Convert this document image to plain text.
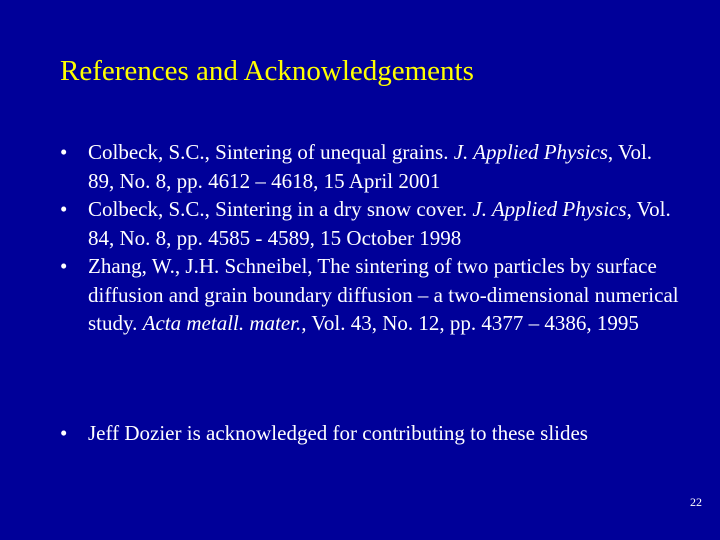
References and Acknowledgements
• Colbeck, S.C., Sintering of unequal grains. J. Applied Physics, Vol. 89, No. 8, pp. 4612 – 4618, 15 April 2001
• Colbeck, S.C., Sintering in a dry snow cover. J. Applied Physics, Vol. 84, No. 8, pp. 4585 - 4589, 15 October 1998
• Zhang, W., J.H. Schneibel, The sintering of two particles by surface diffusion and grain boundary diffusion – a two-dimensional numerical study. Acta metall. mater., Vol. 43, No. 12, pp. 4377 – 4386, 1995
• Jeff Dozier is acknowledged for contributing to these slides
22
